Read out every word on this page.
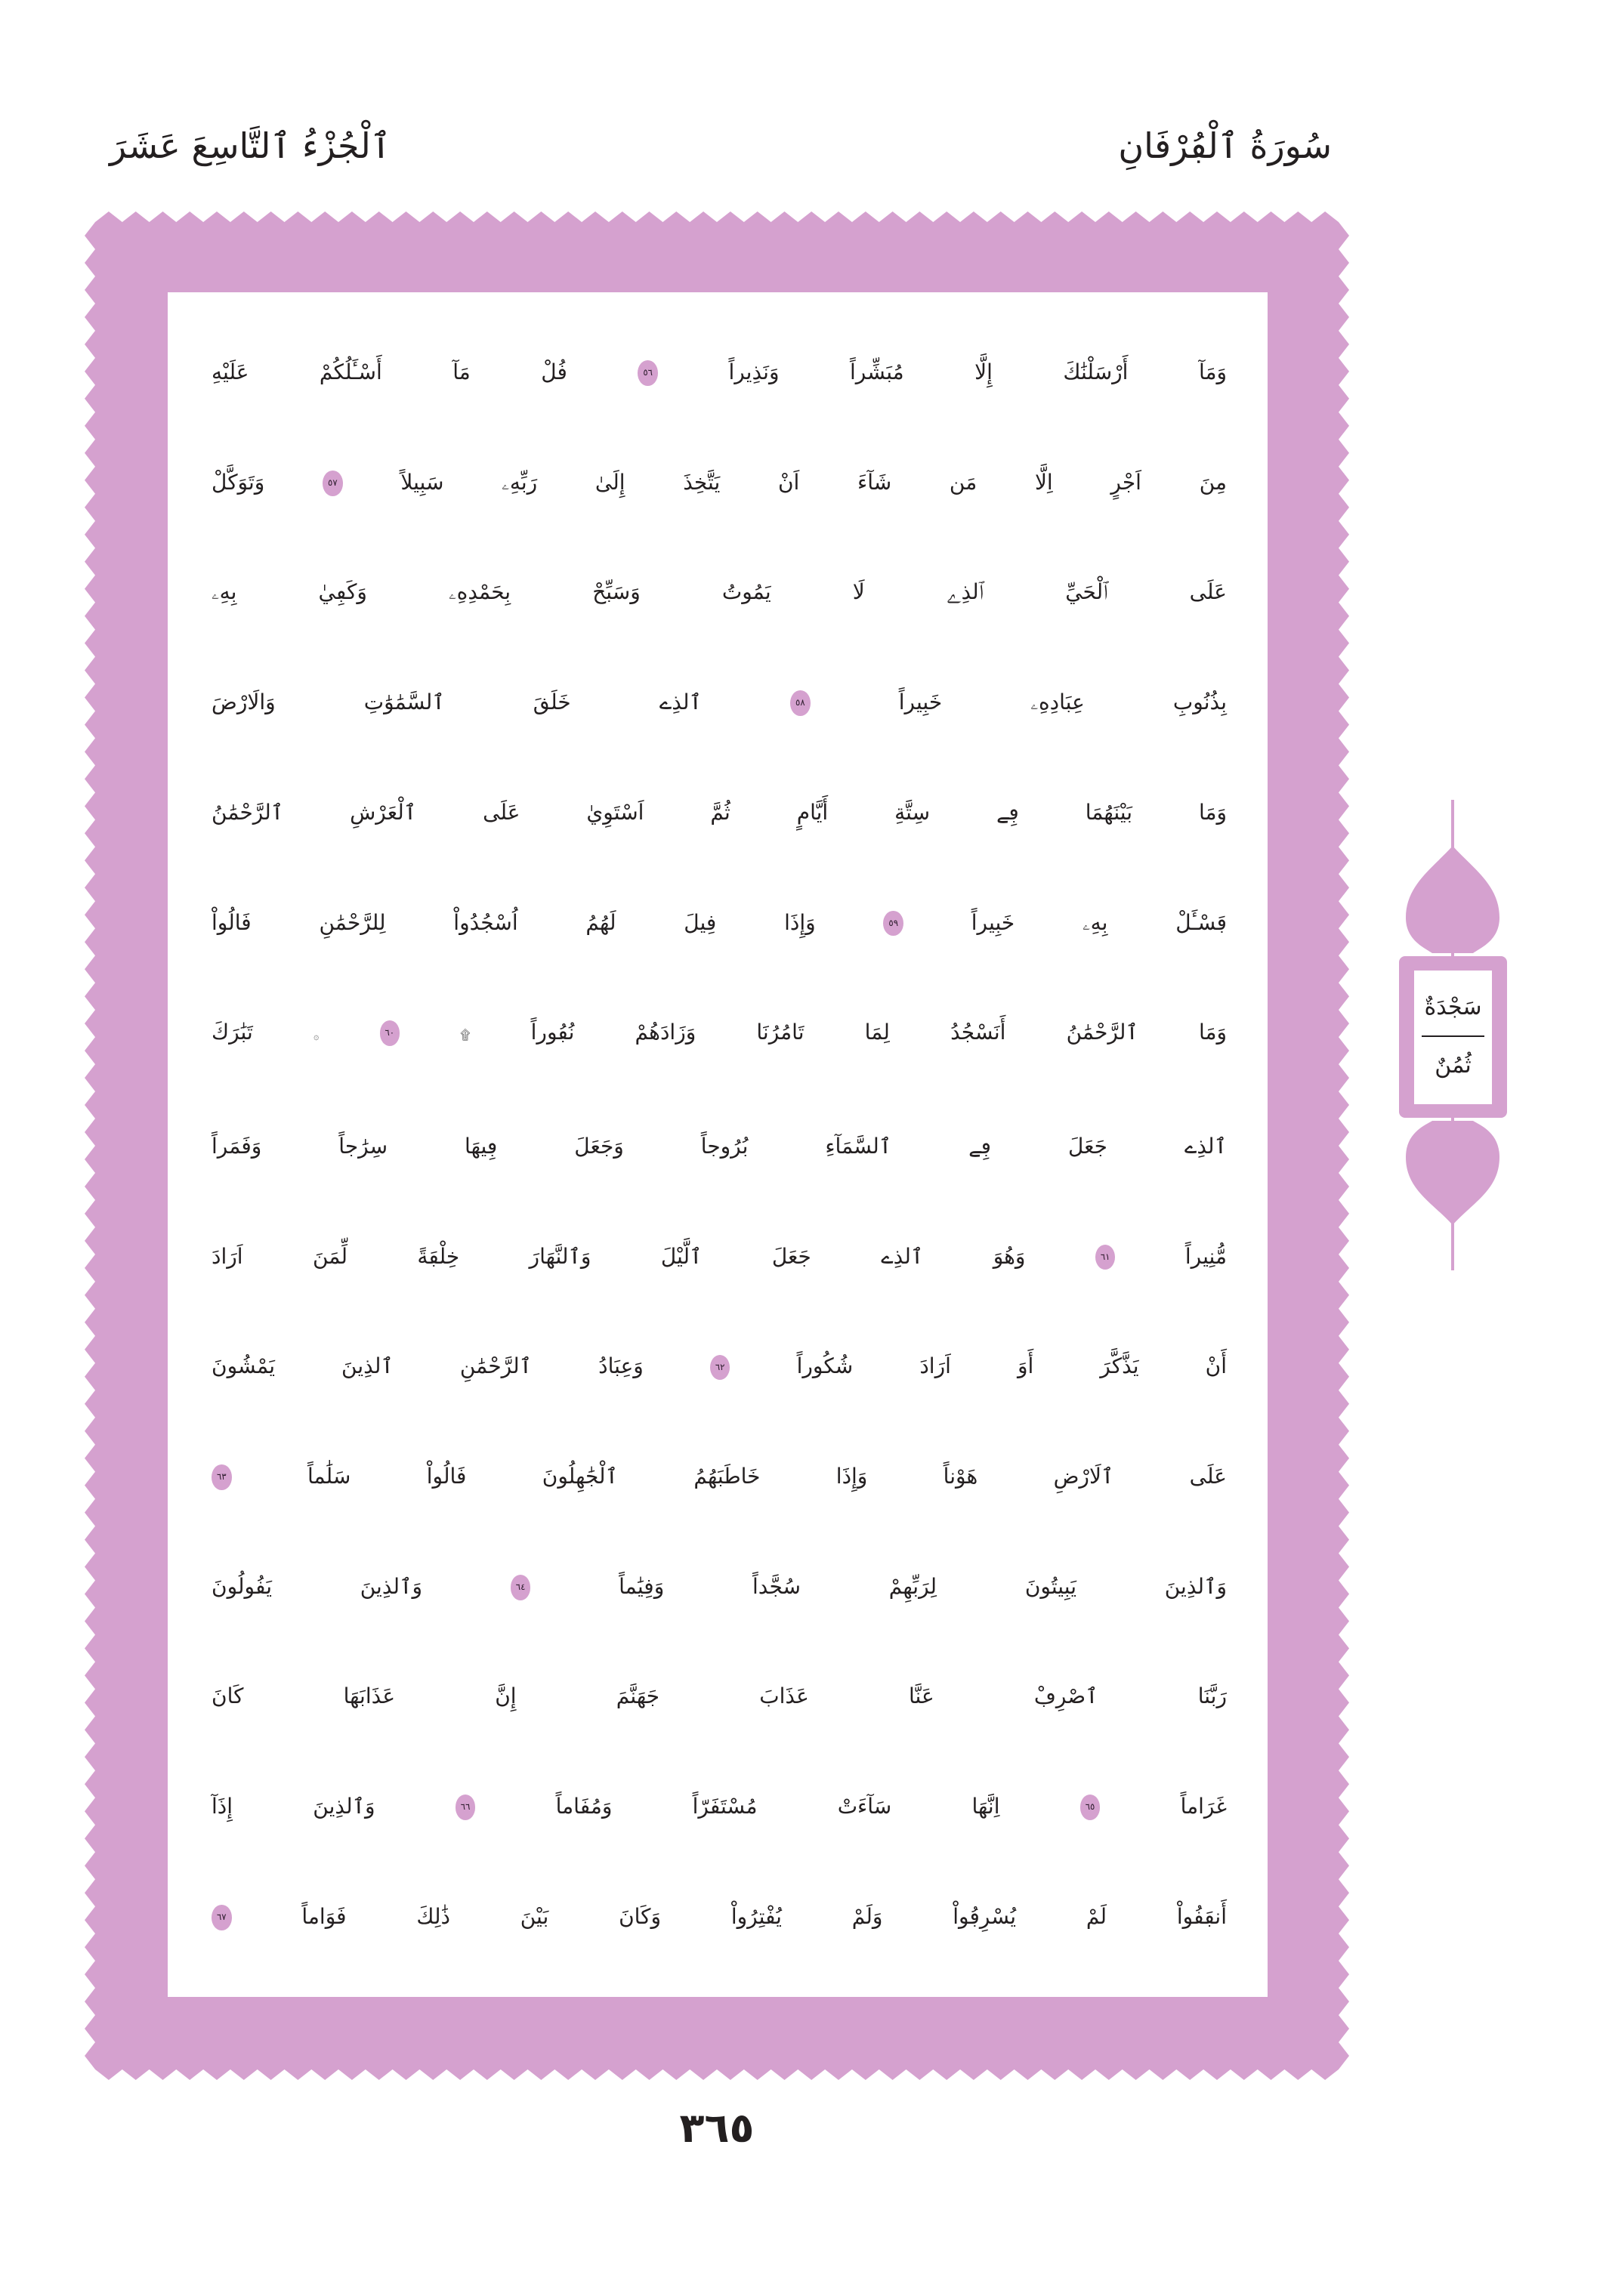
سُورَةُ ٱلْڢُرْڧَانِ
ٱلْجُزْءُ ٱلتَّاسِعَ عَشَرَ
سَجْدَةٌ
ثُمُنٌ
وَمَآ أَرْسَلْنَٰكَ إِلَّا مُبَشِّراً وَنَذِيراً
٥٦
ڧُلْ مَآ أَسْـَٔلُكُمْ عَلَيْهِ
مِنَ اَجْرٍ اِلَّا مَن شَآءَ اَنْ يَتَّخِذَ إِلَىٰ رَبِّهِۦ سَبِيلاً
٥٧
وَتَوَكَّلْ
عَلَى ٱلْحَيِّ ٱلذِے لَا يَمُوتُ وَسَبِّحْ بِحَمْدِهِۦ وَكَڢِيٰ بِهِۦ
بِذُنُوبِ عِبَادِهِۦ خَبِيراً
٥٨
ٱلذِے خَلَڧَ ٱلسَّمَٰوَٰتِ وَالَارْضَ
وَمَا بَيْنَهُمَا ڢِے سِتَّةِ أَيَّامٍ ثُمَّ اَسْتَوِيٰ عَلَى ٱلْعَرْشِ ٱلرَّحْمَٰنُ
ڢَسْـَٔلْ بِهِۦ خَبِيراً
٥٩
وَإِذَا ڧِيلَ لَهُمُ اُسْجُدُواْ لِلرَّحْمَٰنِ ڧَالُواْ
وَمَا ٱلرَّحْمَٰنُ أَنَسْجُدُ لِمَا تَامُرُنَا وَزَادَهُمْ نُڢُوراً ۩
٦٠
۞ تَبَٰرَكَ
ٱلذِے جَعَلَ ڢِے ٱلسَّمَآءِ بُرُوجاً وَجَعَلَ ڢِيهَا سِرَٰجاً وَڧَمَراً
مُّنِيراً
٦١
وَهُوَ ٱلذِے جَعَلَ ٱلَّيْلَ وَٱلنَّهَارَ خِلْڢَةً لِّمَنَ اَرَادَ
أَنْ يَذَّكَّرَ أَوَ اَرَادَ شُكُوراً
٦٢
وَعِبَادُ ٱلرَّحْمَٰنِ ٱلذِينَ يَمْشُونَ
عَلَى ٱلَارْضِ هَوْناً وَإِذَا خَاطَبَهُمُ ٱلْجَٰهِلُونَ ڧَالُواْ سَلَٰماً
٦٣
وَٱلذِينَ يَبِيتُونَ لِرَبِّهِمْ سُجَّداً وَڧِيَٰماً
٦٤
وَٱلذِينَ يَڧُولُونَ
رَبَّنَا ٱصْرِڢْ عَنَّا عَذَابَ جَهَنَّمَ إِنَّ عَذَابَهَا كَانَ
غَرَاماً
٦٥
اِنَّهَا سَآءَتْ مُسْتَڧَرّاً وَمُڧَاماً
٦٦
وَٱلذِينَ إِذَآ
أَنڢَڧُواْ لَمْ يُسْرِڢُواْ وَلَمْ يُڧْتِرُواْ وَكَانَ بَيْنَ ذَٰلِكَ ڧَوَاماً
٦٧
٣٦٥
